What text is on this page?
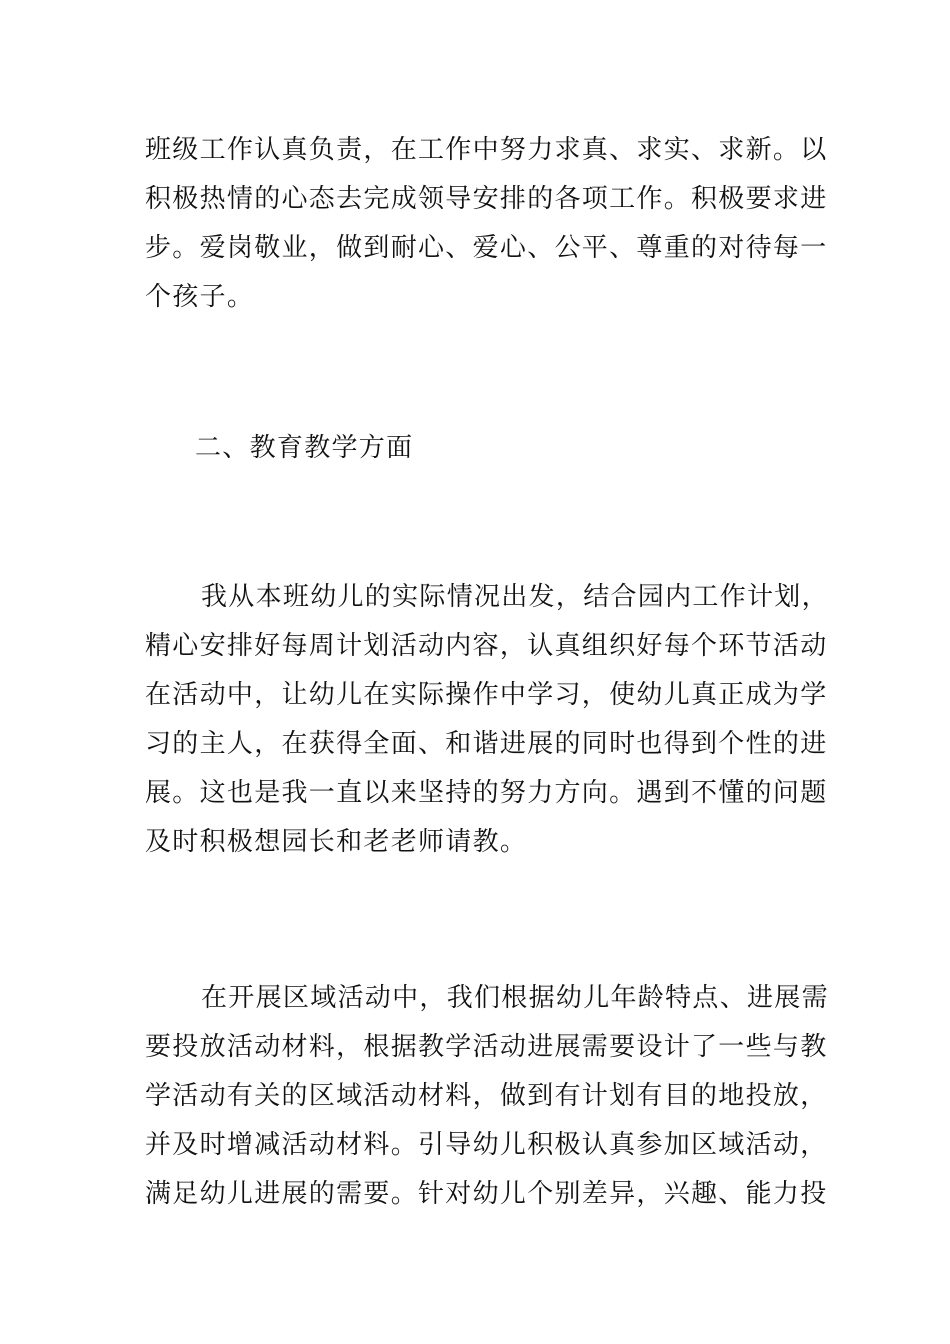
班级工作认真负责，在工作中努力求真、求实、求新。以
积极热情的心态去完成领导安排的各项工作。积极要求进
步。爱岗敬业，做到耐心、爱心、公平、尊重的对待每一
个孩子。
二、教育教学方面
我从本班幼儿的实际情况出发，结合园内工作计划，
精心安排好每周计划活动内容，认真组织好每个环节活动
在活动中，让幼儿在实际操作中学习，使幼儿真正成为学
习的主人，在获得全面、和谐进展的同时也得到个性的进
展。这也是我一直以来坚持的努力方向。遇到不懂的问题
及时积极想园长和老老师请教。
在开展区域活动中，我们根据幼儿年龄特点、进展需
要投放活动材料，根据教学活动进展需要设计了一些与教
学活动有关的区域活动材料，做到有计划有目的地投放，
并及时增减活动材料。引导幼儿积极认真参加区域活动，
满足幼儿进展的需要。针对幼儿个别差异，兴趣、能力投
